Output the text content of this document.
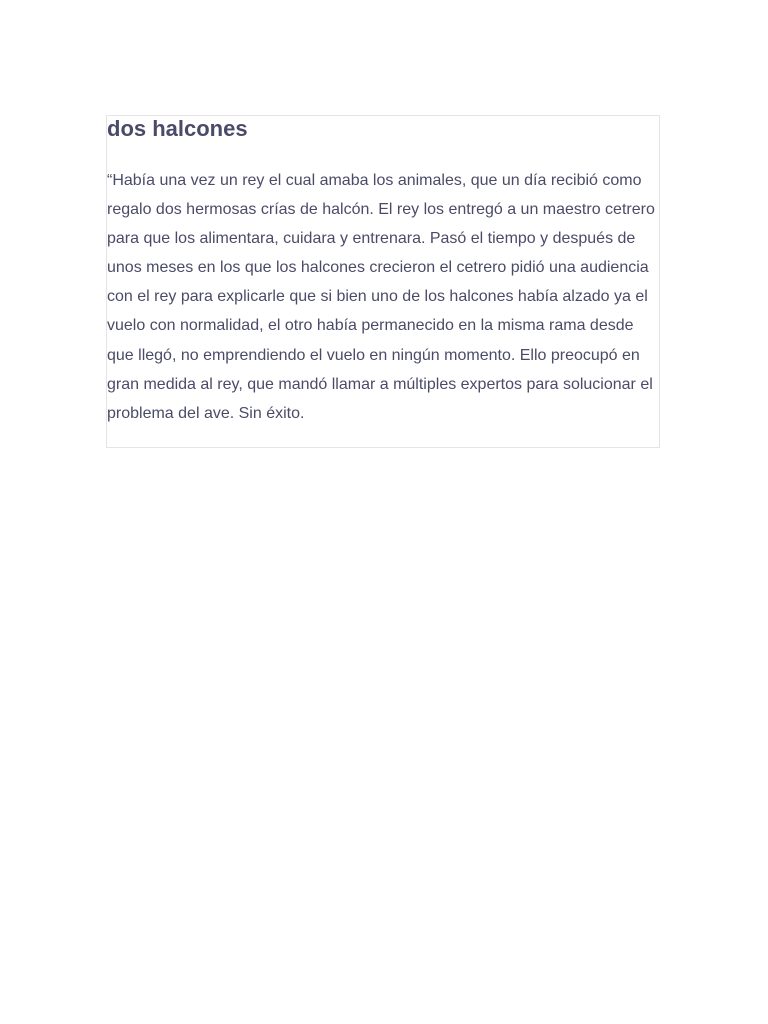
dos halcones

“Había una vez un rey el cual amaba los animales, que un día recibió como regalo dos hermosas crías de halcón. El rey los entregó a un maestro cetrero para que los alimentara, cuidara y entrenara. Pasó el tiempo y después de unos meses en los que los halcones crecieron el cetrero pidió una audiencia con el rey para explicarle que si bien uno de los halcones había alzado ya el vuelo con normalidad, el otro había permanecido en la misma rama desde que llegó, no emprendiendo el vuelo en ningún momento. Ello preocupó en gran medida al rey, que mandó llamar a múltiples expertos para solucionar el problema del ave. Sin éxito.
